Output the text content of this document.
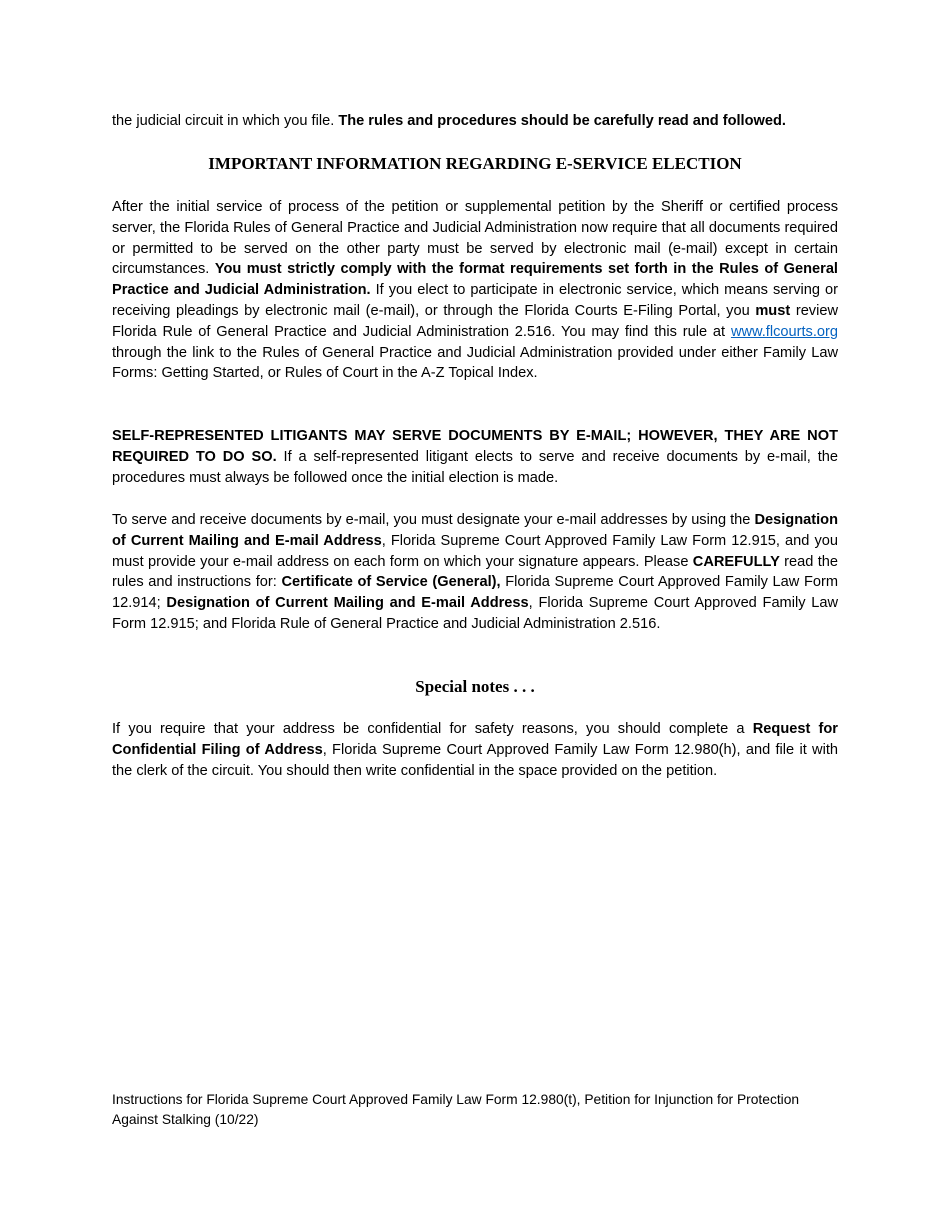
the judicial circuit in which you file. The rules and procedures should be carefully read and followed.

IMPORTANT INFORMATION REGARDING E-SERVICE ELECTION

After the initial service of process of the petition or supplemental petition by the Sheriff or certified process server, the Florida Rules of General Practice and Judicial Administration now require that all documents required or permitted to be served on the other party must be served by electronic mail (e-mail) except in certain circumstances. You must strictly comply with the format requirements set forth in the Rules of General Practice and Judicial Administration. If you elect to participate in electronic service, which means serving or receiving pleadings by electronic mail (e-mail), or through the Florida Courts E-Filing Portal, you must review Florida Rule of General Practice and Judicial Administration 2.516. You may find this rule at www.flcourts.org through the link to the Rules of General Practice and Judicial Administration provided under either Family Law Forms: Getting Started, or Rules of Court in the A-Z Topical Index.

SELF-REPRESENTED LITIGANTS MAY SERVE DOCUMENTS BY E-MAIL; HOWEVER, THEY ARE NOT REQUIRED TO DO SO. If a self-represented litigant elects to serve and receive documents by e-mail, the procedures must always be followed once the initial election is made.

To serve and receive documents by e-mail, you must designate your e-mail addresses by using the Designation of Current Mailing and E-mail Address, Florida Supreme Court Approved Family Law Form 12.915, and you must provide your e-mail address on each form on which your signature appears. Please CAREFULLY read the rules and instructions for: Certificate of Service (General), Florida Supreme Court Approved Family Law Form 12.914; Designation of Current Mailing and E-mail Address, Florida Supreme Court Approved Family Law Form 12.915; and Florida Rule of General Practice and Judicial Administration 2.516.

Special notes . . .

If you require that your address be confidential for safety reasons, you should complete a Request for Confidential Filing of Address, Florida Supreme Court Approved Family Law Form 12.980(h), and file it with the clerk of the circuit. You should then write confidential in the space provided on the petition.

Instructions for Florida Supreme Court Approved Family Law Form 12.980(t), Petition for Injunction for Protection Against Stalking (10/22)
